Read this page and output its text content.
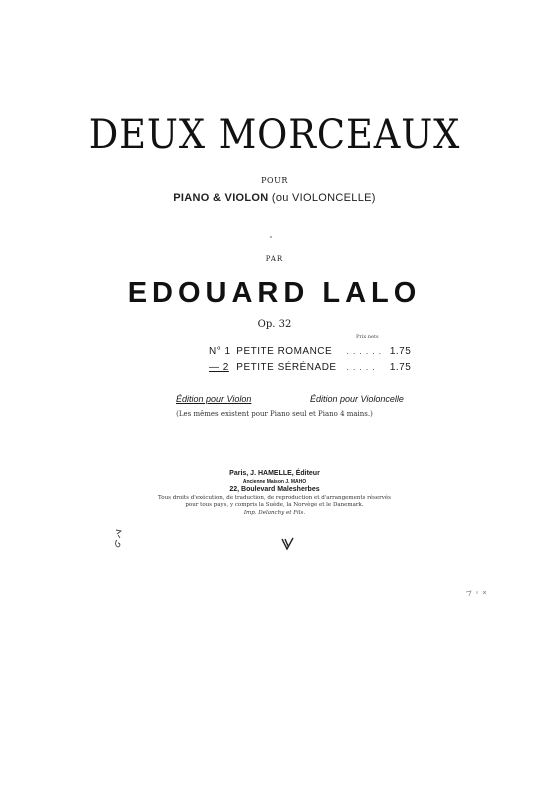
DEUX MORCEAUX
POUR
PIANO & VIOLON (ou VIOLONCELLE)
PAR
EDOUARD LALO
Op. 32
Prix nets
N° 1 PETITE ROMANCE . . . . . . 1.75
— 2 PETITE SÉRÉNADE . . . . . 1.75
Édition pour Violon	Édition pour Violoncelle
(Les mêmes existent pour Piano seul et Piano 4 mains.)
Paris, J. HAMELLE, Éditeur
Ancienne Maison J. MAHO
22, Boulevard Malesherbes
Tous droits d'exécution, de traduction, de reproduction et d'arrangements réservés
pour tous pays, y compris la Suède, la Norvège et le Danemark.
Imp. Delanchy et Fils.
